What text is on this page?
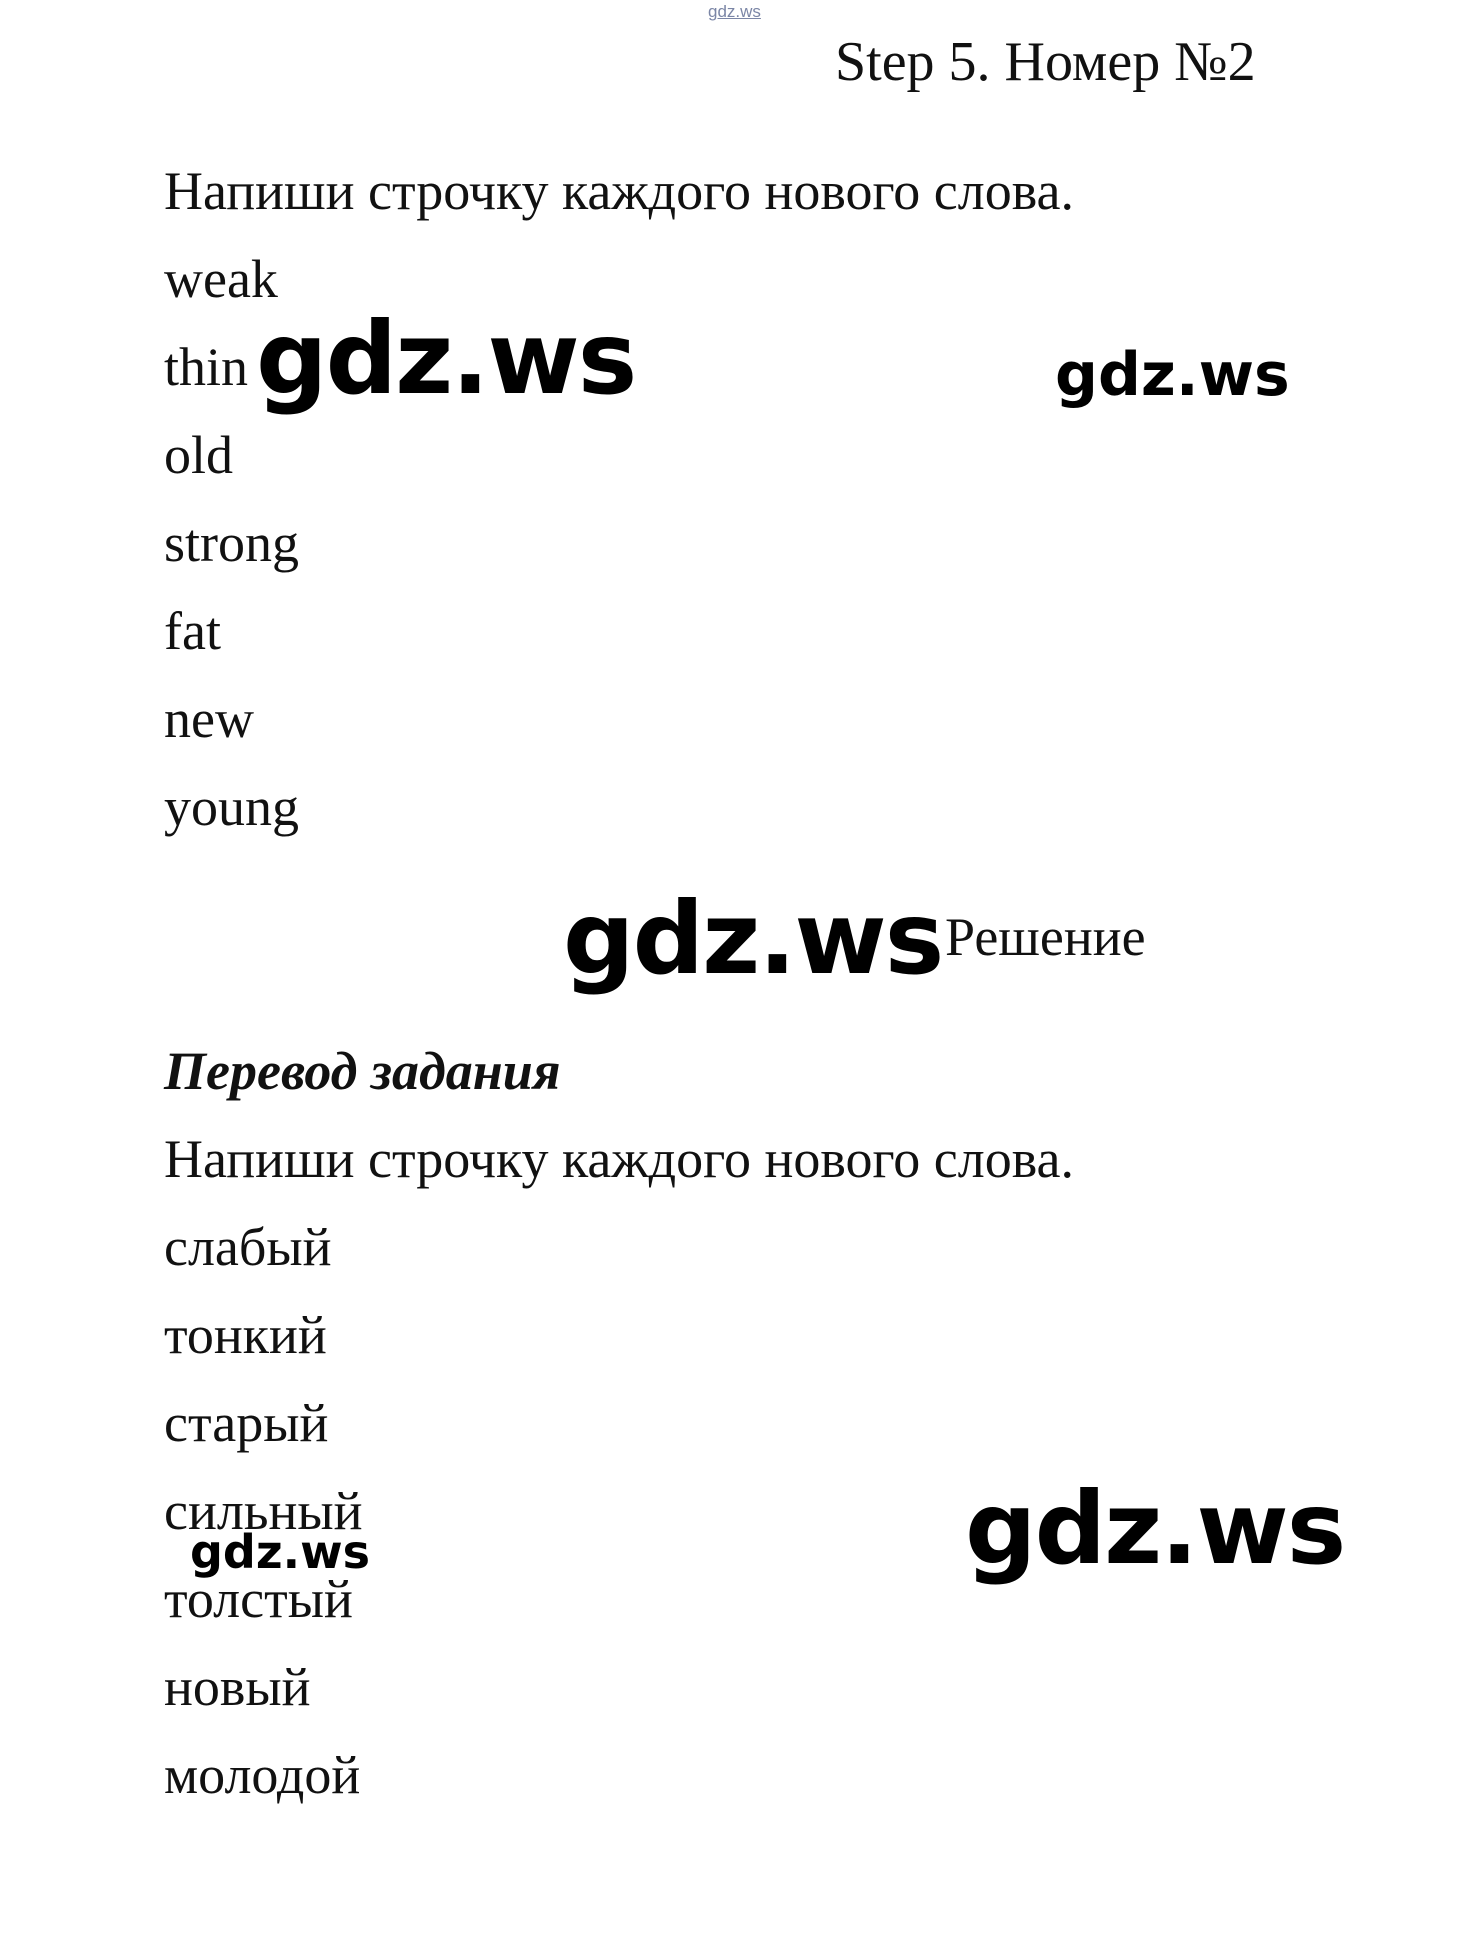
gdz.ws
Step 5. Номер №2
Напиши строчку каждого нового слова.
weak
thin
old
strong
fat
new
young
Решение
Перевод задания
Напиши строчку каждого нового слова.
слабый
тонкий
старый
сильный
толстый
новый
молодой
gdz.ws	gdz.ws
gdz.ws
gdz.ws
gdz.ws
